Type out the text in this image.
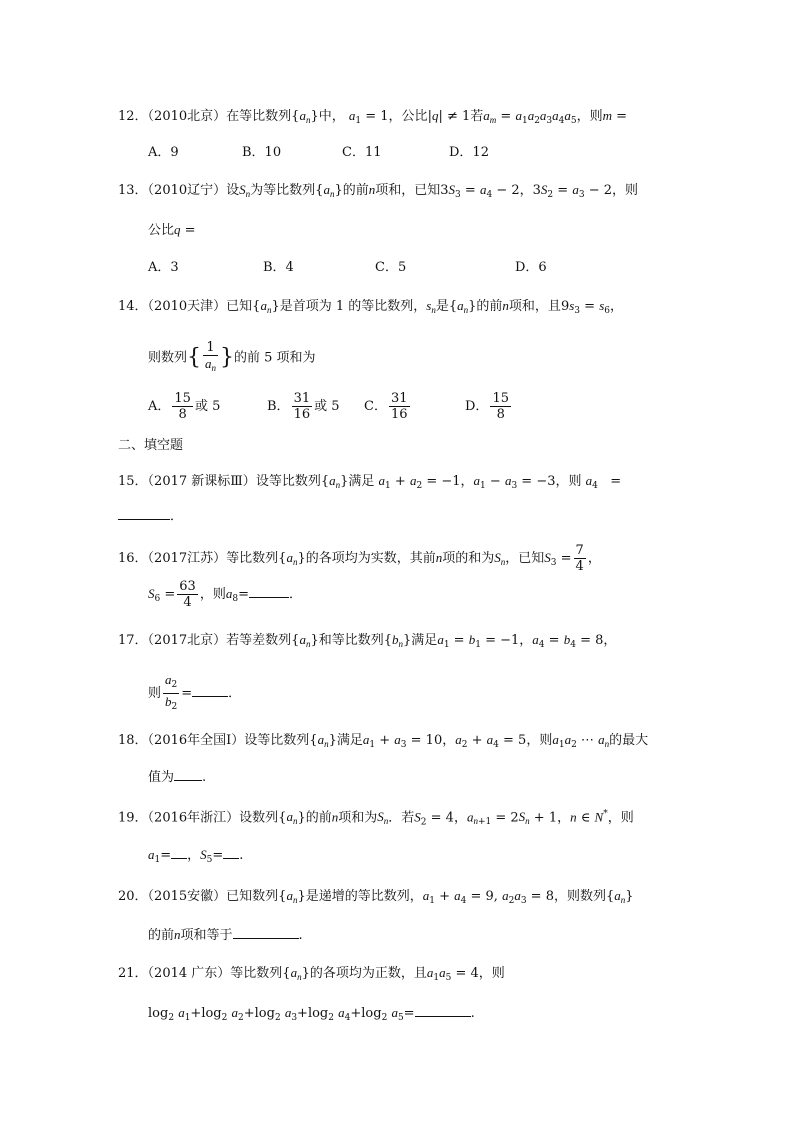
12．（2010北京）在等比数列$\{a_n\}$中， $a_1 = 1$，公比|q| ≠ 1若$a_m = a_1a_2a_3a_4a_5$，则m =
A．9	B．10	C．11	D．12
13．（2010辽宁）设$S_n$为等比数列$\{a_n\}$的前n项和，已知$3S_3 = a_4 - 2$，$3S_2 = a_3 - 2$，则
公比q =
A．3	B．4	C．5	D．6
14．（2010天津）已知$\{a_n\}$是首项为 1 的等比数列，$s_n$是$\{a_n\}$的前n项和，且$9s_3 = s_6$，
则数列{ $\frac{1}{a_n}$ }的前 5 项和为
A． $\frac{15}{8}$ 或 5	B． $\frac{31}{16}$ 或 5 C． $\frac{31}{16}$	D． $\frac{15}{8}$
二、填空题
15．（2017 新课标Ⅲ）设等比数列$\{a_n\}$满足 $a_1 + a_2 = -1$，$a_1 - a_3 = -3$，则 $a_4$   =
．
16．（2017江苏）等比数列$\{a_n\}$的各项均为实数，其前n项的和为$S_n$，已知$S_3 = \frac{7}{4}$ ，
$S_6 = \frac{63}{4}$ ，则$a_8=$	．
17．（2017北京）若等差数列$\{a_n\}$和等比数列$\{b_n\}$满足$a_1 = b_1 = -1$，$a_4 = b_4 = 8$，
则 $\frac{a_2}{b_2}$ =	．
18．（2016年全国Ⅰ）设等比数列$\{a_n\}$满足$a_1 + a_3 = 10$，$a_2 + a_4 = 5$，则$a_1a_2$ ⋯ $a_n$的最大
值为 .
19．（2016年浙江）设数列$\{a_n\}$的前n项和为$S_n$．若$S_2 = 4$，$a_{n+1} = 2S_n + 1$，n ∈ N*，则
$a_1=$ ，$S_5=$ .
20．（2015安徽）已知数列$\{a_n\}$是递增的等比数列，$a_1 + a_4 = 9$, $a_2a_3 = 8$，则数列$\{a_n\}$
的前n项和等于	.
21．（2014 广东）等比数列$\{a_n\}$的各项均为正数，且$a_1a_5 = 4$，则
$\log_2 a_1+\log_2$ $a_2+\log_2$ $a_3+\log_2$ $a_4+\log_2$ $a_5=$	.
